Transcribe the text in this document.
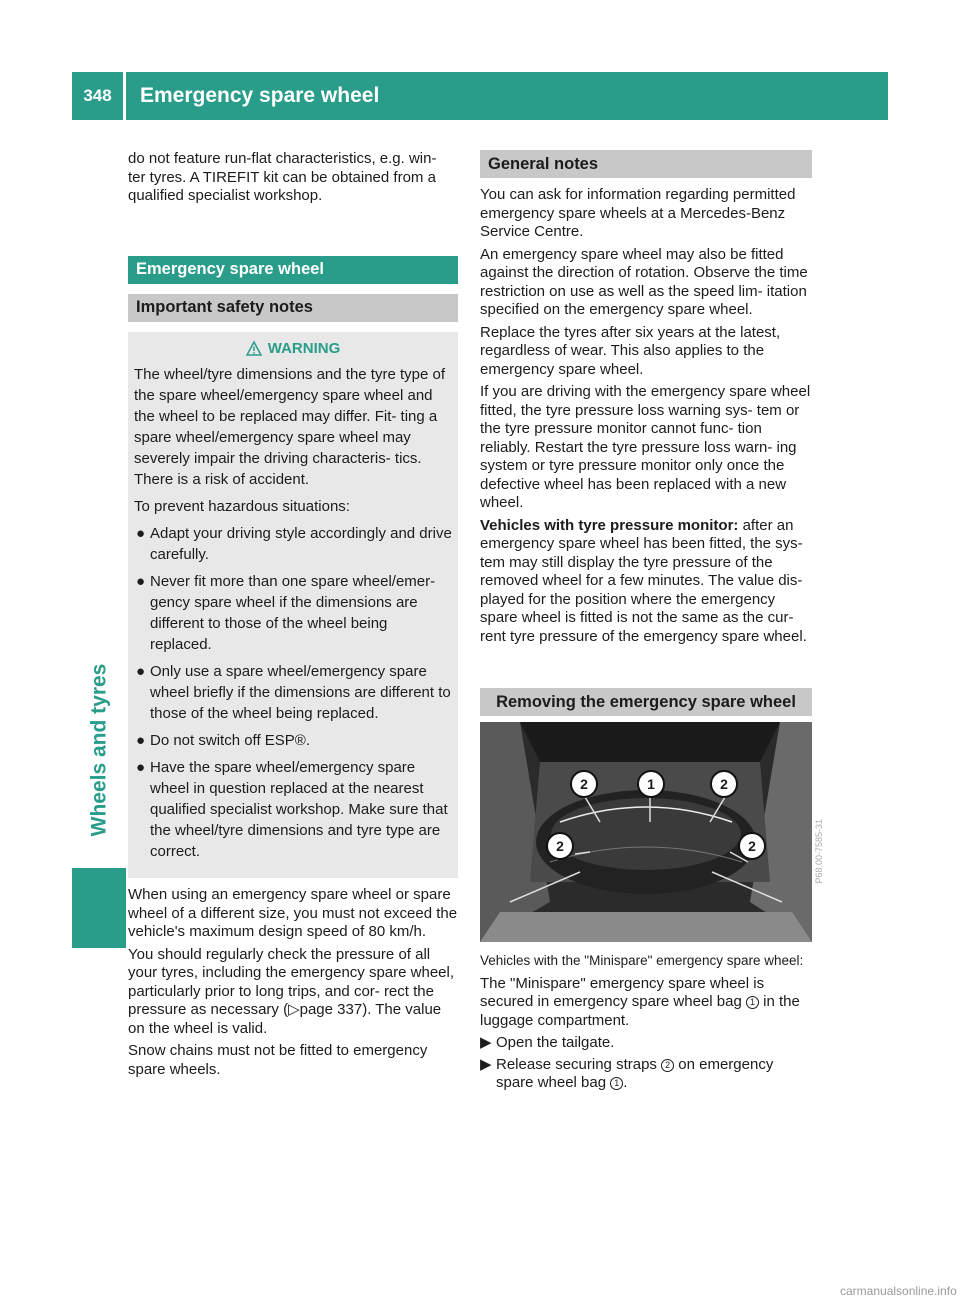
348	Emergency spare wheel
Wheels and tyres

do not feature run-flat characteristics, e.g. win- ter tyres. A TIREFIT kit can be obtained from a qualified specialist workshop.

Emergency spare wheel
Important safety notes
WARNING

The wheel/tyre dimensions and the tyre type of the spare wheel/emergency spare wheel and the wheel to be replaced may differ. Fit- ting a spare wheel/emergency spare wheel may severely impair the driving characteris- tics. There is a risk of accident.

To prevent hazardous situations:

● Adapt your driving style accordingly and drive carefully.
● Never fit more than one spare wheel/emer- gency spare wheel if the dimensions are different to those of the wheel being replaced.
● Only use a spare wheel/emergency spare wheel briefly if the dimensions are different to those of the wheel being replaced.
● Do not switch off ESP®.
● Have the spare wheel/emergency spare wheel in question replaced at the nearest qualified specialist workshop. Make sure that the wheel/tyre dimensions and tyre type are correct.

When using an emergency spare wheel or spare wheel of a different size, you must not exceed the vehicle's maximum design speed of 80 km/h.

You should regularly check the pressure of all your tyres, including the emergency spare wheel, particularly prior to long trips, and cor- rect the pressure as necessary (▷page 337). The value on the wheel is valid.

Snow chains must not be fitted to emergency spare wheels.

General notes

You can ask for information regarding permitted emergency spare wheels at a Mercedes-Benz Service Centre.

An emergency spare wheel may also be fitted against the direction of rotation. Observe the time restriction on use as well as the speed lim- itation specified on the emergency spare wheel.

Replace the tyres after six years at the latest, regardless of wear. This also applies to the emergency spare wheel.

If you are driving with the emergency spare wheel fitted, the tyre pressure loss warning sys- tem or the tyre pressure monitor cannot func- tion reliably. Restart the tyre pressure loss warn- ing system or tyre pressure monitor only once the defective wheel has been replaced with a new wheel.

Vehicles with tyre pressure monitor: after an emergency spare wheel has been fitted, the sys- tem may still display the tyre pressure of the removed wheel for a few minutes. The value dis- played for the position where the emergency spare wheel is fitted is not the same as the cur- rent tyre pressure of the emergency spare wheel.

Removing the emergency spare wheel
2	1	2
2	2	P68.00-7585-31

Vehicles with the "Minispare" emergency spare wheel:

The "Minispare" emergency spare wheel is secured in emergency spare wheel bag 1 in the luggage compartment.

▶ Open the tailgate.
▶ Release securing straps 2 on emergency spare wheel bag 1 .
carmanualsonline.info
